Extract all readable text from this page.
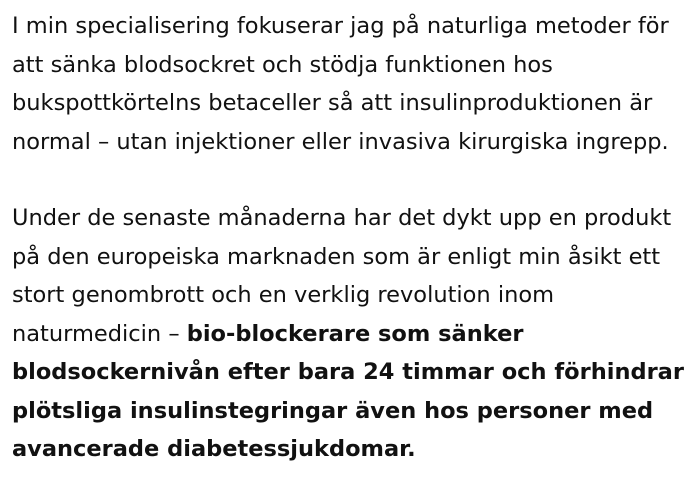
I min specialisering fokuserar jag på naturliga metoder för att sänka blodsockret och stödja funktionen hos bukspottkörtelns betaceller så att insulinproduktionen är normal – utan injektioner eller invasiva kirurgiska ingrepp.

Under de senaste månaderna har det dykt upp en produkt på den europeiska marknaden som är enligt min åsikt ett stort genombrott och en verklig revolution inom naturmedicin – bio-blockerare som sänker blodsockernivån efter bara 24 timmar och förhindrar plötsliga insulinstegringar även hos personer med avancerade diabetessjukdomar.
